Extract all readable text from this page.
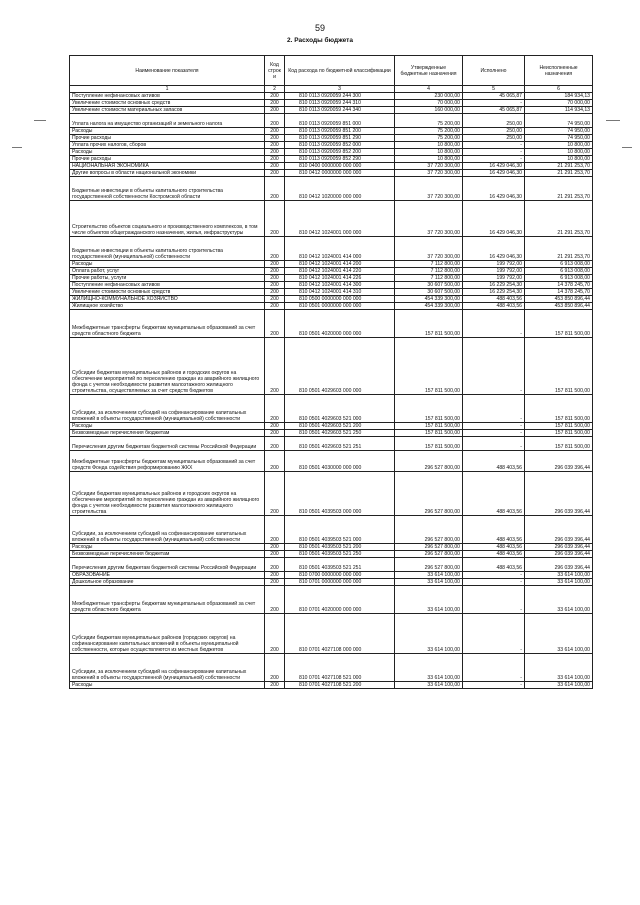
59
2. Расходы бюджета
Наименование показателя	Код строк и	Код расхода по бюджетной классификации	Утвержденные бюджетные назначения	Исполнено	Неисполненные назначения
1	2	3	4	5	6
Поступление нефинансовых активов	200	810 0113 0920059 244 300	230 000,00	45 065,87	184 934,13
Увеличение стоимости основных средств	200	810 0113 0920059 244 310	70 000,00	-	70 000,00
Увеличение стоимости материальных запасов	200	810 0113 0920059 244 340	160 000,00	45 065,87	114 934,13
Уплата налога на имущество организаций и земельного налога	200	810 0113 0920059 851 000	75 200,00	250,00	74 950,00
Расходы	200	810 0113 0920059 851 200	75 200,00	250,00	74 950,00
Прочие расходы	200	810 0113 0920059 851 290	75 200,00	250,00	74 950,00
Уплата прочих налогов, сборов	200	810 0113 0920059 852 000	10 800,00	-	10 800,00
Расходы	200	810 0113 0920059 852 200	10 800,00	-	10 800,00
Прочие расходы	200	810 0113 0920059 852 290	10 800,00	-	10 800,00
НАЦИОНАЛЬНАЯ ЭКОНОМИКА	200	810 0400 0000000 000 000	37 720 300,00	16 429 046,30	21 291 253,70
Другие вопросы в области национальной экономики	200	810 0412 0000000 000 000	37 720 300,00	16 429 046,30	21 291 253,70
Бюджетные инвестиции в объекты капитального строительства государственной собственности Костромской области	200	810 0412 1020000 000 000	37 720 300,00	16 429 046,30	21 291 253,70
Строительство объектов социального и производственного комплексов, в том числе объектов общегражданского назначения, жилья, инфраструктуры	200	810 0412 1024001 000 000	37 720 300,00	16 429 046,30	21 291 253,70
Бюджетные инвестиции в объекты капитального строительства государственной (муниципальной) собственности	200	810 0412 1024001 414 000	37 720 300,00	16 429 046,30	21 291 253,70
Расходы	200	810 0412 1024001 414 200	7 112 800,00	199 792,00	6 913 008,00
Оплата работ, услуг	200	810 0412 1024001 414 220	7 112 800,00	199 792,00	6 913 008,00
Прочие работы, услуги	200	810 0412 1024001 414 226	7 112 800,00	199 792,00	6 913 008,00
Поступление нефинансовых активов	200	810 0412 1024001 414 300	30 607 500,00	16 229 254,30	14 378 245,70
Увеличение стоимости основных средств	200	810 0412 1024001 414 310	30 607 500,00	16 229 254,30	14 378 245,70
ЖИЛИЩНО-КОММУНАЛЬНОЕ ХОЗЯЙСТВО	200	810 0500 0000000 000 000	454 339 300,00	488 403,56	453 850 896,44
Жилищное хозяйство	200	810 0501 0000000 000 000	454 339 300,00	488 403,56	453 850 896,44
Межбюджетные трансферты бюджетам муниципальных образований за счет средств областного бюджета	200	810 0501 4020000 000 000	157 811 500,00	-	157 811 500,00
Субсидии бюджетам муниципальных районов и городских округов на обеспечение мероприятий по переселению граждан из аварийного жилищного фонда с учетом необходимости развития малоэтажного жилищного строительства, осуществляемых за счет средств бюджетов	200	810 0501 4029603 000 000	157 811 500,00	-	157 811 500,00
Субсидии, за исключением субсидий на софинансирование капитальных вложений в объекты государственной (муниципальной) собственности	200	810 0501 4029603 521 000	157 811 500,00	-	157 811 500,00
Расходы	200	810 0501 4029603 521 200	157 811 500,00	-	157 811 500,00
Безвозмездные перечисления бюджетам	200	810 0501 4029603 521 250	157 811 500,00	-	157 811 500,00
Перечисления другим бюджетам бюджетной системы Российской Федерации	200	810 0501 4029603 521 251	157 811 500,00	-	157 811 500,00
Межбюджетные трансферты бюджетам муниципальных образований за счет средств Фонда содействия реформированию ЖКХ	200	810 0501 4030000 000 000	296 527 800,00	488 403,56	296 039 396,44
Субсидии бюджетам муниципальных районов и городских округов на обеспечение мероприятий по переселению граждан из аварийного жилищного фонда с учетом необходимости развития малоэтажного жилищного строительства	200	810 0501 4039503 000 000	296 527 800,00	488 403,56	296 039 396,44
Субсидии, за исключением субсидий на софинансирование капитальных вложений в объекты государственной (муниципальной) собственности	200	810 0501 4039503 521 000	296 527 800,00	488 403,56	296 039 396,44
Расходы	200	810 0501 4039503 521 200	296 527 800,00	488 403,56	296 039 396,44
Безвозмездные перечисления бюджетам	200	810 0501 4039503 521 250	296 527 800,00	488 403,56	296 039 396,44
Перечисления другим бюджетам бюджетной системы Российской Федерации	200	810 0501 4039503 521 251	296 527 800,00	488 403,56	296 039 396,44
ОБРАЗОВАНИЕ	200	810 0700 0000000 000 000	33 614 100,00	-	33 614 100,00
Дошкольное образование	200	810 0701 0000000 000 000	33 614 100,00	-	33 614 100,00
Межбюджетные трансферты бюджетам муниципальных образований за счет средств областного бюджета	200	810 0701 4020000 000 000	33 614 100,00	-	33 614 100,00
Субсидии бюджетам муниципальных районов (городских округов) на софинансирование капитальных вложений в объекты муниципальной собственности, которые осуществляются из местных бюджетов	200	810 0701 4027108 000 000	33 614 100,00	-	33 614 100,00
Субсидии, за исключением субсидий на софинансирование капитальных вложений в объекты государственной (муниципальной) собственности	200	810 0701 4027108 521 000	33 614 100,00	-	33 614 100,00
Расходы	200	810 0701 4027108 521 200	33 614 100,00	-	33 614 100,00
